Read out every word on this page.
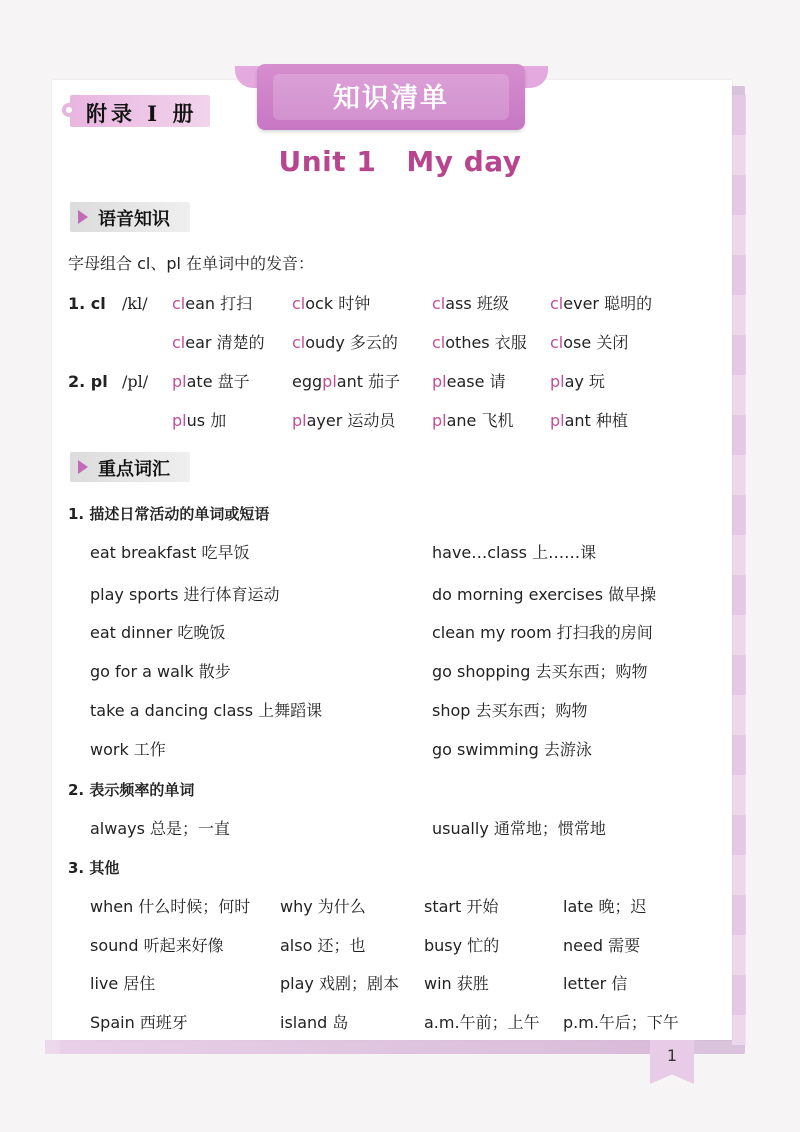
附录 I 册	知识清单
Unit 1 My day
语音知识
字母组合 cl、pl 在单词中的发音：
1. cl /kl/ clean 打扫 clock 时钟	class 班级	clever 聪明的
clear 清楚的 cloudy 多云的 clothes 衣服 close 关闭
2. pl /pl/ plate 盘子	eggplant 茄子 please 请	play 玩
plus 加	player 运动员 plane 飞机 plant 种植
重点词汇
1. 描述日常活动的单词或短语
eat breakfast 吃早饭	have…class 上……课
play sports 进行体育运动	do morning exercises 做早操
eat dinner 吃晚饭	clean my room 打扫我的房间
go for a walk 散步	go shopping 去买东西；购物
take a dancing class 上舞蹈课	shop 去买东西；购物
work 工作	go swimming 去游泳
2. 表示频率的单词
always 总是；一直	usually 通常地；惯常地
3. 其他
when 什么时候；何时 why 为什么	start 开始	late 晚；迟
sound 听起来好像	also 还；也	busy 忙的	need 需要
live 居住	play 戏剧；剧本 win 获胜	letter 信
Spain 西班牙	island 岛	a.m.午前；上午 p.m.午后；下午
1
